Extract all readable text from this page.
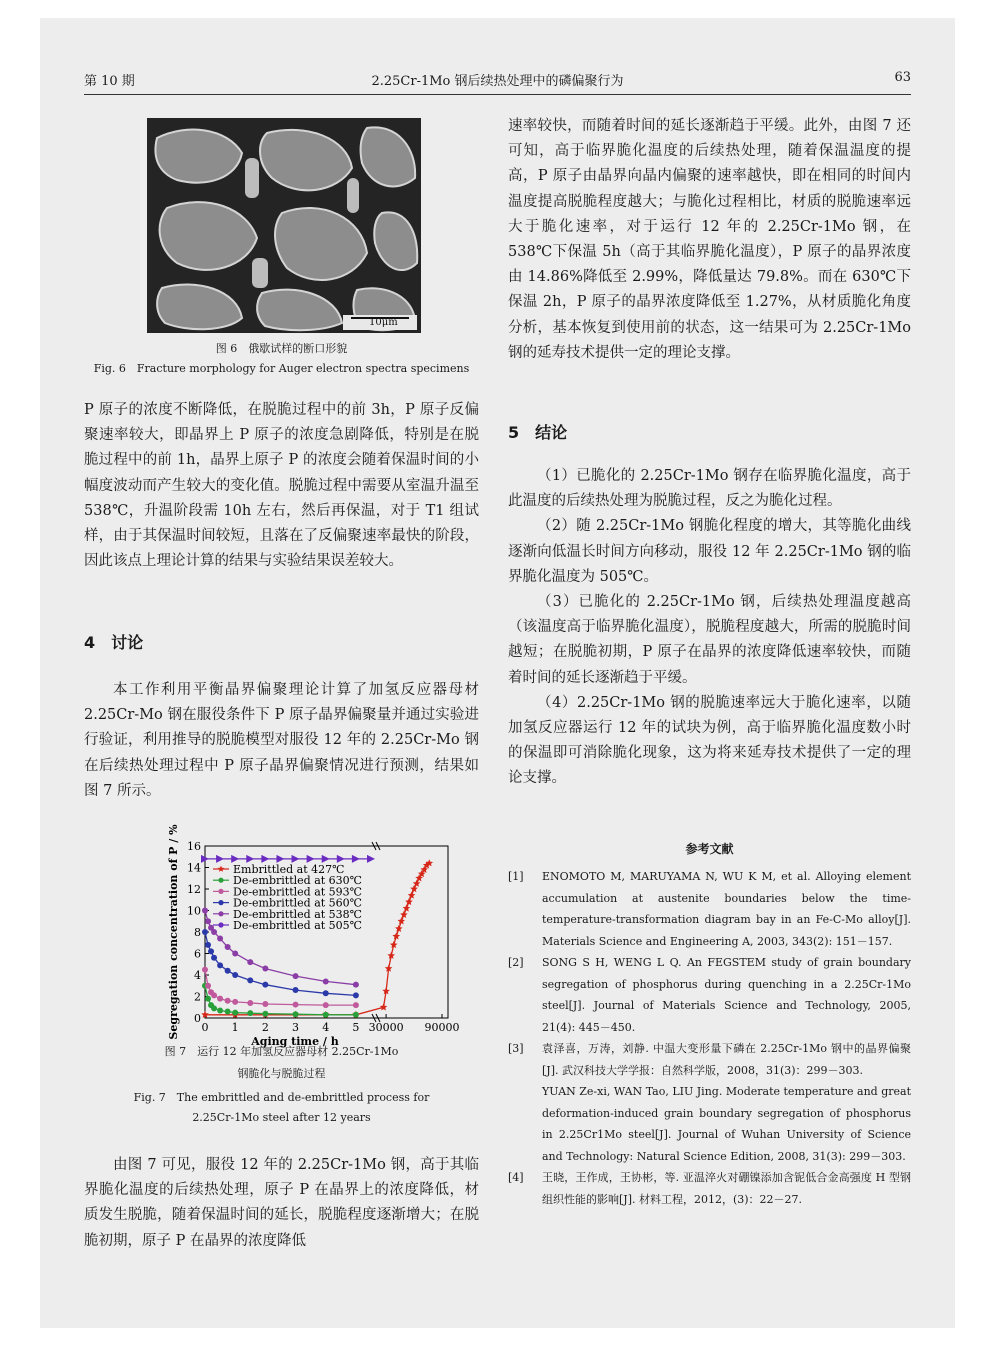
第 10 期	2.25Cr-1Mo 钢后续热处理中的磷偏聚行为	63
10μm

图 6　俄歇试样的断口形貌

Fig. 6　Fracture morphology for Auger electron spectra specimens

P 原子的浓度不断降低，在脱脆过程中的前 3h，P 原子反偏聚速率较大，即晶界上 P 原子的浓度急剧降低，特别是在脱脆过程中的前 1h，晶界上原子 P 的浓度会随着保温时间的小幅度波动而产生较大的变化值。脱脆过程中需要从室温升温至 538℃，升温阶段需 10h 左右，然后再保温，对于 T1 组试样，由于其保温时间较短，且落在了反偏聚速率最快的阶段，因此该点上理论计算的结果与实验结果误差较大。

4　讨论

本工作利用平衡晶界偏聚理论计算了加氢反应器母材 2.25Cr-Mo 钢在服役条件下 P 原子晶界偏聚量并通过实验进行验证，利用推导的脱脆模型对服役 12 年的 2.25Cr-Mo 钢在后续热处理过程中 P 原子晶界偏聚情况进行预测，结果如图 7 所示。

0
2
4
6
8
10
12
14
16
0 1 2 3 4 5 30000 90000
Aging time / h
Segregation concentration of P / %	Embrittled at 427℃
De-embrittled at 630℃
De-embrittled at 593℃
De-embrittled at 560℃
De-embrittled at 538℃
De-embrittled at 505℃

图 7　运行 12 年加氢反应器母材 2.25Cr-1Mo

钢脆化与脱脆过程

Fig. 7　The embrittled and de-embrittled process for

2.25Cr-1Mo steel after 12 years

由图 7 可见，服役 12 年的 2.25Cr-1Mo 钢，高于其临界脆化温度的后续热处理，原子 P 在晶界上的浓度降低，材质发生脱脆，随着保温时间的延长，脱脆程度逐渐增大；在脱脆初期，原子 P 在晶界的浓度降低

速率较快，而随着时间的延长逐渐趋于平缓。此外，由图 7 还可知，高于临界脆化温度的后续热处理，随着保温温度的提高，P 原子由晶界向晶内偏聚的速率越快，即在相同的时间内温度提高脱脆程度越大；与脆化过程相比，材质的脱脆速率远大于脆化速率，对于运行 12 年的 2.25Cr-1Mo 钢，在 538℃下保温 5h（高于其临界脆化温度），P 原子的晶界浓度由 14.86%降低至 2.99%，降低量达 79.8%。而在 630℃下保温 2h，P 原子的晶界浓度降低至 1.27%，从材质脆化角度分析，基本恢复到使用前的状态，这一结果可为 2.25Cr-1Mo 钢的延寿技术提供一定的理论支撑。

5　结论

（1）已脆化的 2.25Cr-1Mo 钢存在临界脆化温度，高于此温度的后续热处理为脱脆过程，反之为脆化过程。

（2）随 2.25Cr-1Mo 钢脆化程度的增大，其等脆化曲线逐渐向低温长时间方向移动，服役 12 年 2.25Cr-1Mo 钢的临界脆化温度为 505℃。

（3）已脆化的 2.25Cr-1Mo 钢，后续热处理温度越高（该温度高于临界脆化温度），脱脆程度越大，所需的脱脆时间越短；在脱脆初期，P 原子在晶界的浓度降低速率较快，而随着时间的延长逐渐趋于平缓。

（4）2.25Cr-1Mo 钢的脱脆速率远大于脆化速率，以随加氢反应器运行 12 年的试块为例，高于临界脆化温度数小时的保温即可消除脆化现象，这为将来延寿技术提供了一定的理论支撑。

参考文献

[1] ENOMOTO M, MARUYAMA N, WU K M, et al. Alloying element accumulation at austenite boundaries below the time-temperature-transformation diagram bay in an Fe-C-Mo alloy[J]. Materials Science and Engineering A, 2003, 343(2): 151－157.
[2] SONG S H, WENG L Q. An FEGSTEM study of grain boundary segregation of phosphorus during quenching in a 2.25Cr-1Mo steel[J]. Journal of Materials Science and Technology, 2005, 21(4): 445－450.
[3] 袁泽喜，万涛，刘静. 中温大变形量下磷在 2.25Cr-1Mo 钢中的晶界偏聚[J]. 武汉科技大学学报：自然科学版，2008，31(3)：299－303.
YUAN Ze-xi, WAN Tao, LIU Jing. Moderate temperature and great deformation-induced grain boundary segregation of phosphorus in 2.25Cr1Mo steel[J]. Journal of Wuhan University of Science and Technology: Natural Science Edition, 2008, 31(3): 299－303.
[4] 王晓，王作成，王协彬，等. 亚温淬火对硼镍添加含铌低合金高强度 H 型钢组织性能的影响[J]. 材料工程，2012，(3)：22－27.
